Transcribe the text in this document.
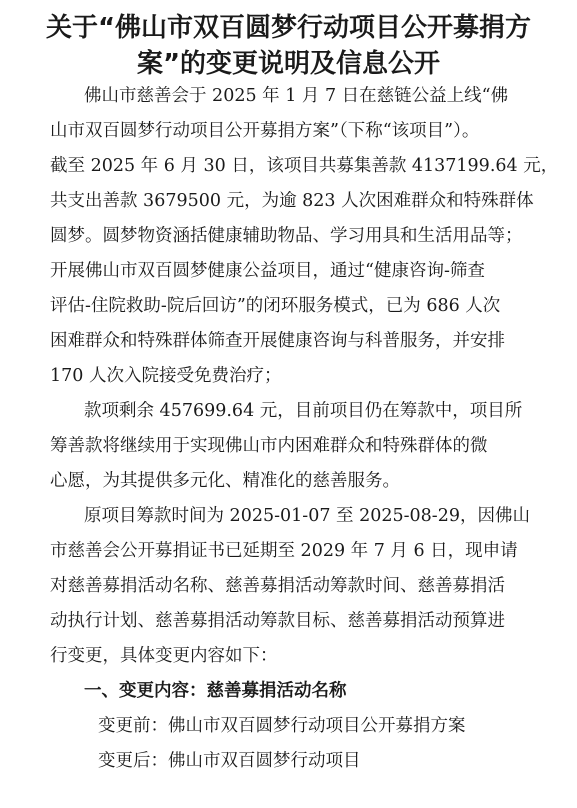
关于“佛山市双百圆梦行动项目公开募捐方
案”的变更说明及信息公开
佛山市慈善会于 2025 年 1 月 7 日在慈链公益上线“佛
山市双百圆梦行动项目公开募捐方案”（下称“该项目”）。
截至 2025 年 6 月 30 日，该项目共募集善款 4137199.64 元，
共支出善款 3679500 元，为逾 823 人次困难群众和特殊群体
圆梦。圆梦物资涵括健康辅助物品、学习用具和生活用品等；
开展佛山市双百圆梦健康公益项目，通过“健康咨询-筛查
评估-住院救助-院后回访”的闭环服务模式，已为 686 人次
困难群众和特殊群体筛查开展健康咨询与科普服务，并安排
170 人次入院接受免费治疗；
款项剩余 457699.64 元，目前项目仍在筹款中，项目所
筹善款将继续用于实现佛山市内困难群众和特殊群体的微
心愿，为其提供多元化、精准化的慈善服务。
原项目筹款时间为 2025-01-07 至 2025-08-29，因佛山
市慈善会公开募捐证书已延期至 2029 年 7 月 6 日，现申请
对慈善募捐活动名称、慈善募捐活动筹款时间、慈善募捐活
动执行计划、慈善募捐活动筹款目标、慈善募捐活动预算进
行变更，具体变更内容如下：
一、变更内容：慈善募捐活动名称
变更前：佛山市双百圆梦行动项目公开募捐方案
变更后：佛山市双百圆梦行动项目
